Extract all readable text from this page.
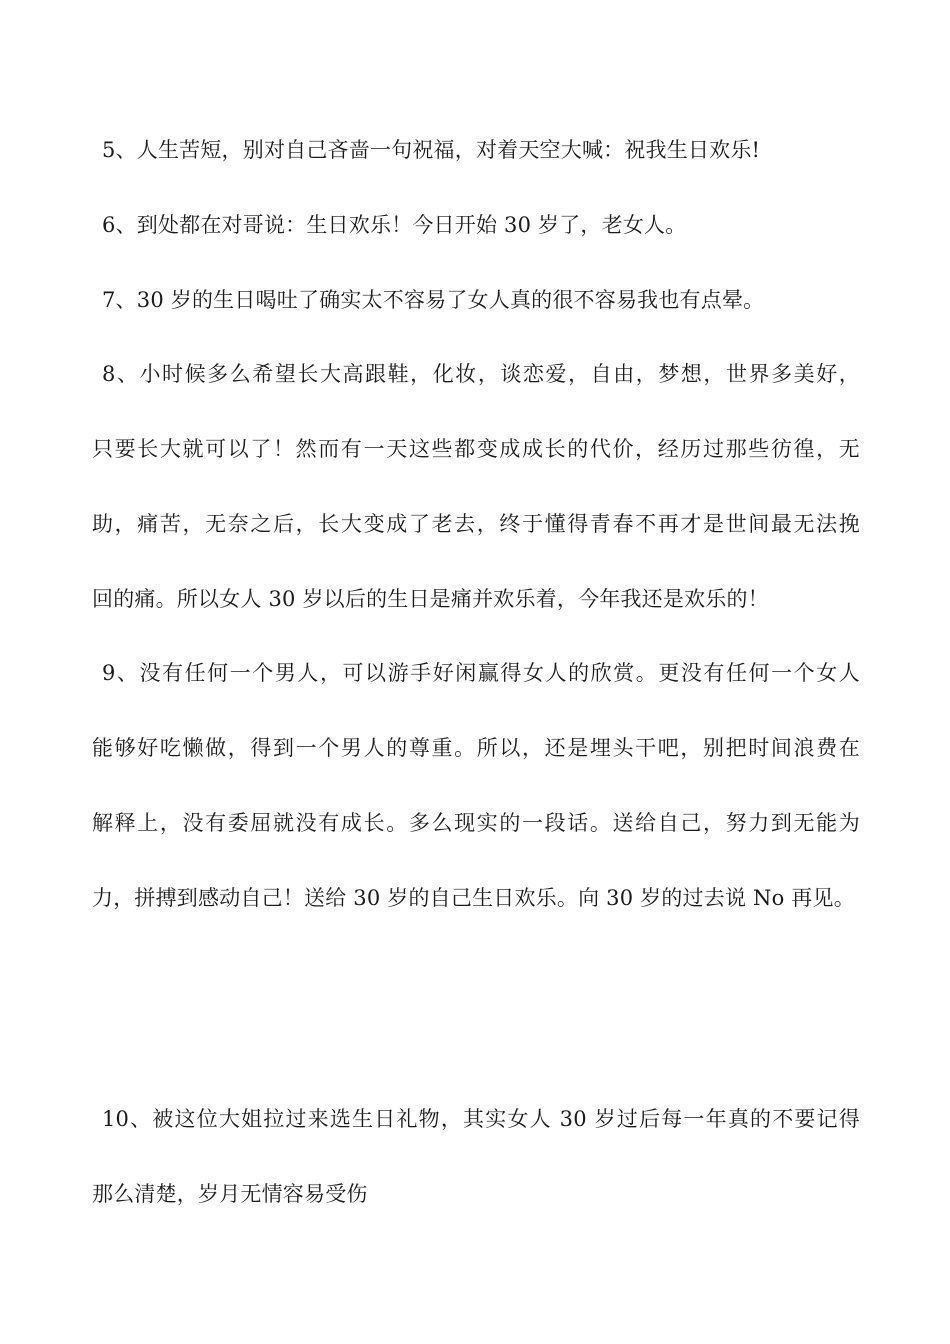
5、人生苦短，别对自己吝啬一句祝福，对着天空大喊：祝我生日欢乐!

6、到处都在对哥说：生日欢乐！今日开始 30 岁了，老女人。

7、30 岁的生日喝吐了确实太不容易了女人真的很不容易我也有点晕。

8、小时候多么希望长大高跟鞋，化妆，谈恋爱，自由，梦想，世界多美好，
只要长大就可以了！然而有一天这些都变成成长的代价，经历过那些彷徨，无
助，痛苦，无奈之后，长大变成了老去，终于懂得青春不再才是世间最无法挽
回的痛。所以女人 30 岁以后的生日是痛并欢乐着，今年我还是欢乐的！

9、没有任何一个男人，可以游手好闲赢得女人的欣赏。更没有任何一个女人
能够好吃懒做，得到一个男人的尊重。所以，还是埋头干吧，别把时间浪费在
解释上，没有委屈就没有成长。多么现实的一段话。送给自己，努力到无能为
力，拼搏到感动自己！送给 30 岁的自己生日欢乐。向 30 岁的过去说 No 再见。

10、被这位大姐拉过来选生日礼物，其实女人 30 岁过后每一年真的不要记得
那么清楚，岁月无情容易受伤
